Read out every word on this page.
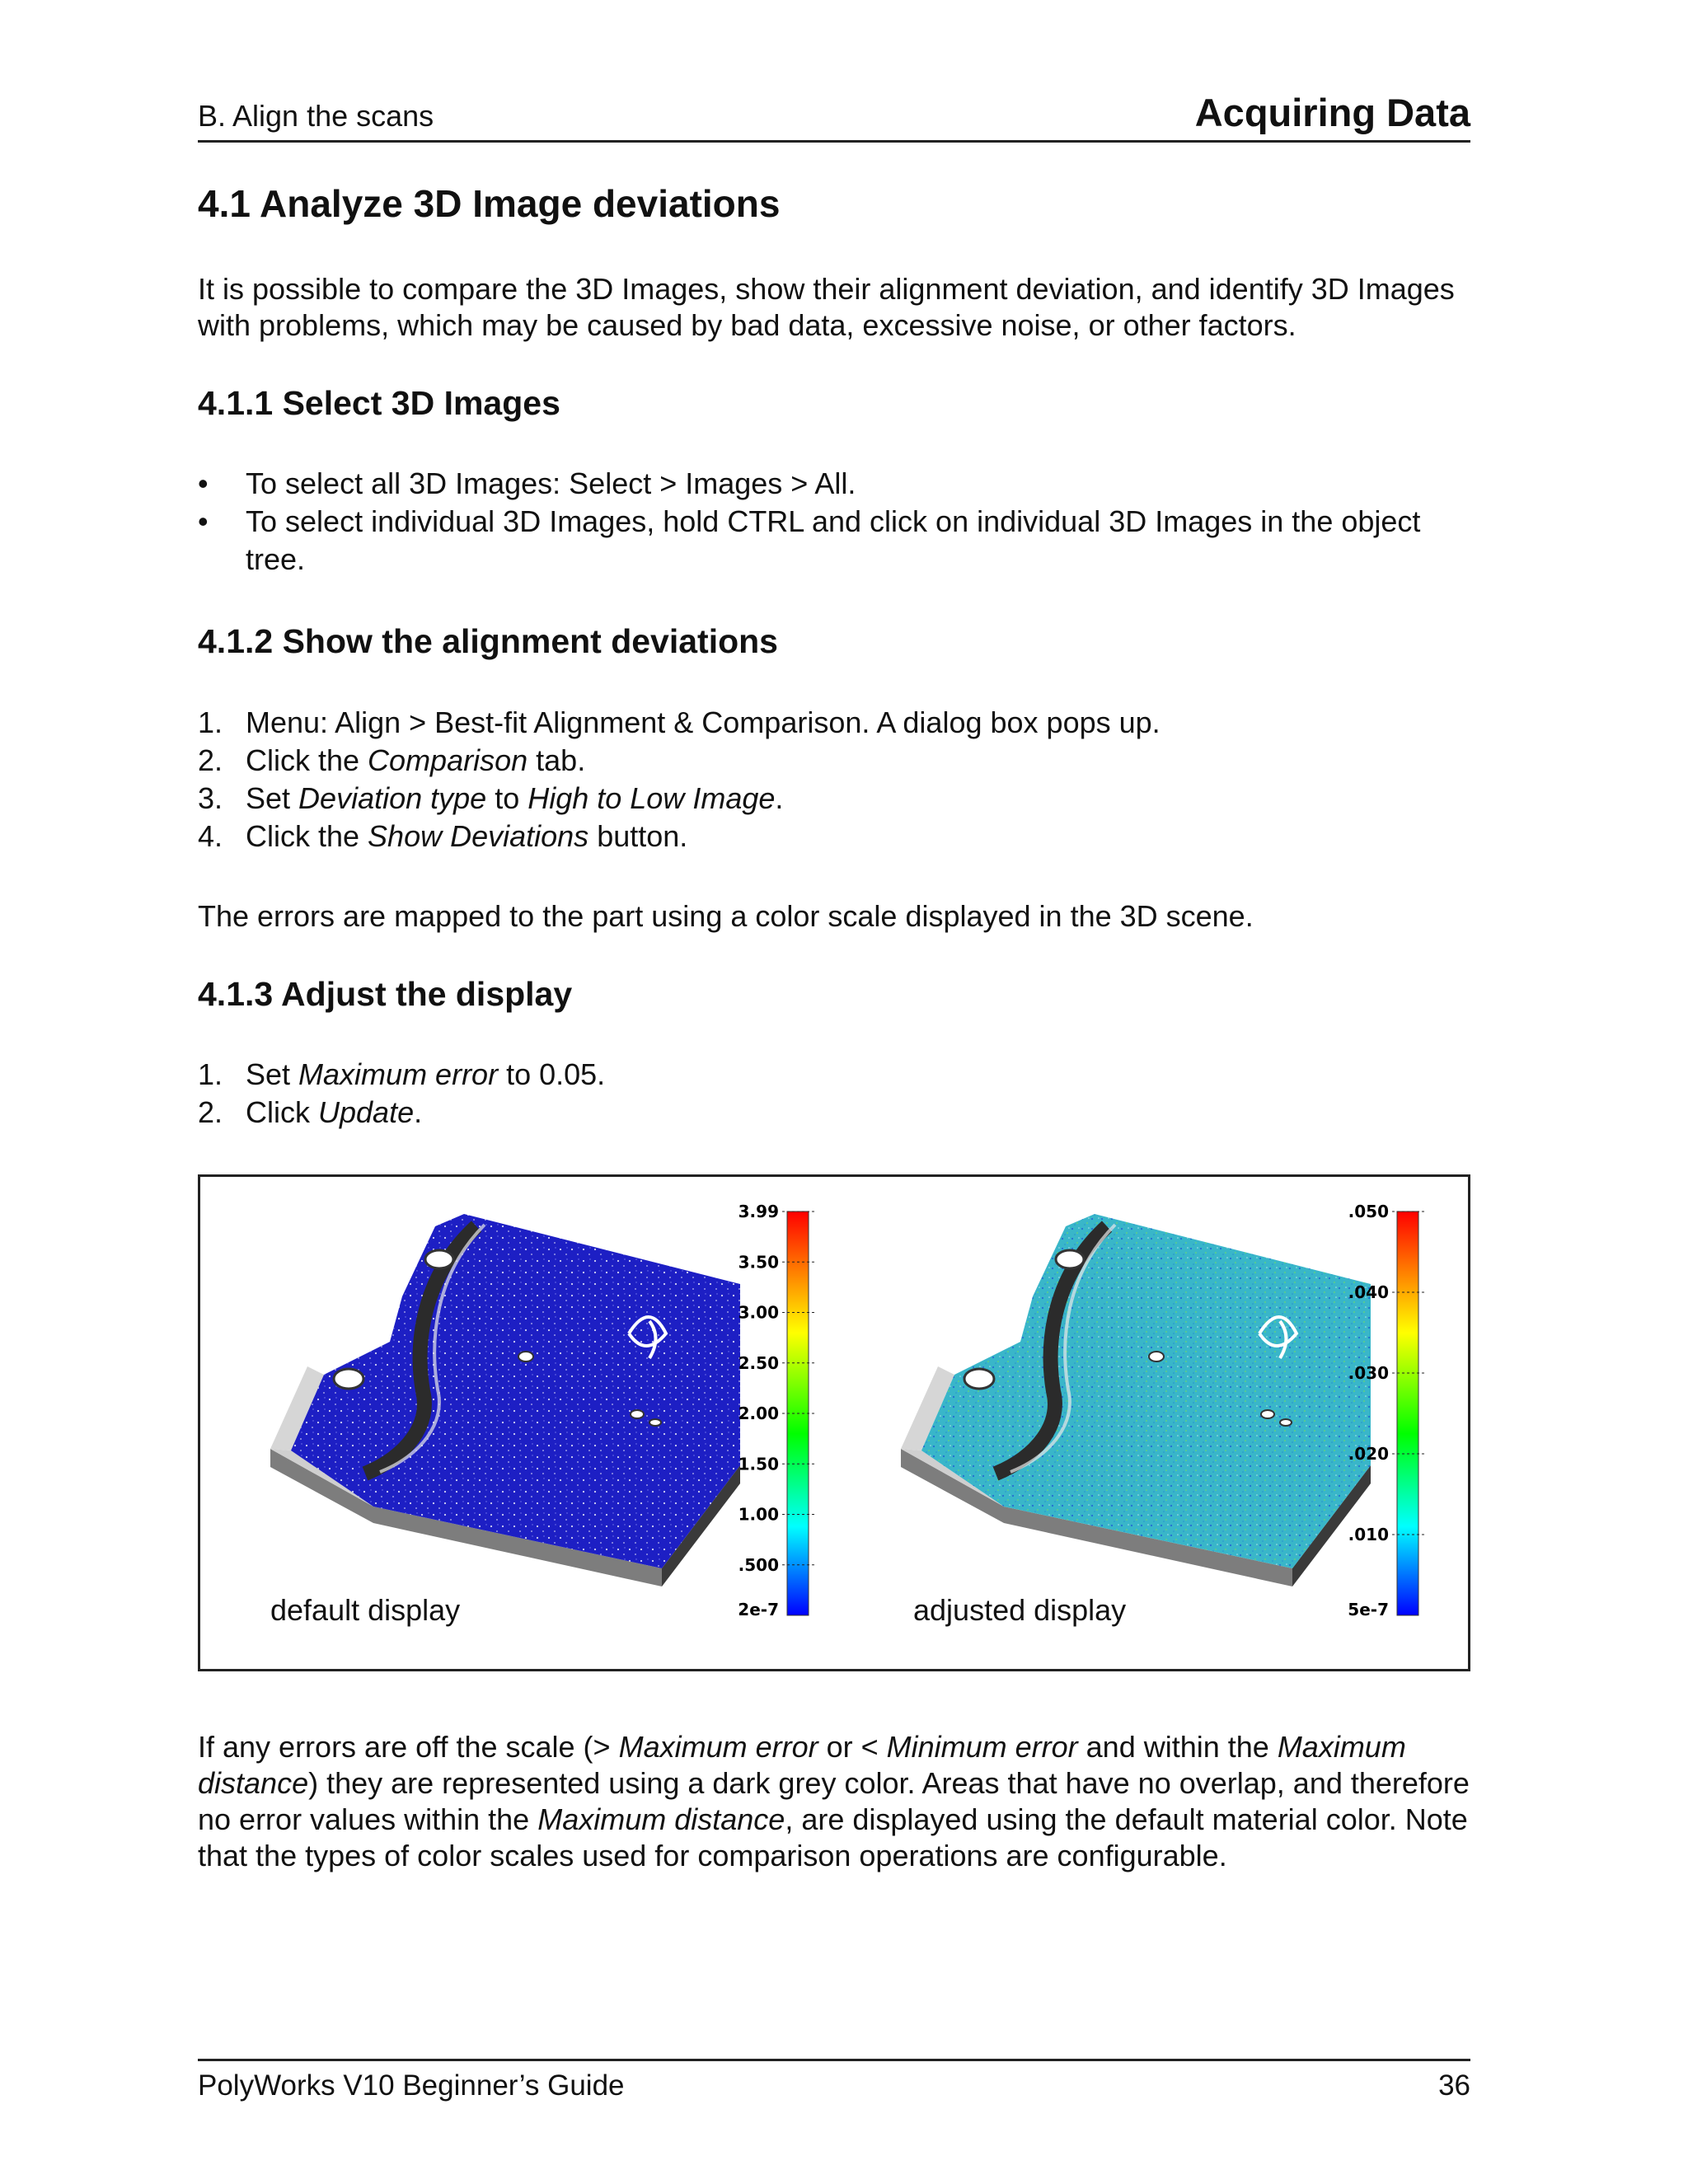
B. Align the scans	Acquiring Data
4.1 Analyze 3D Image deviations

It is possible to compare the 3D Images, show their alignment deviation, and identify 3D Images with problems, which may be caused by bad data, excessive noise, or other factors.

4.1.1 Select 3D Images
•	To select all 3D Images: Select > Images > All.
•	To select individual 3D Images, hold CTRL and click on individual 3D Images in the object tree.
4.1.2 Show the alignment deviations
1. Menu: Align > Best-fit Alignment & Comparison. A dialog box pops up.
2. Click the Comparison tab.
3. Set Deviation type to High to Low Image.
4. Click the Show Deviations button.

The errors are mapped to the part using a color scale displayed in the 3D scene.

4.1.3 Adjust the display
1. Set Maximum error to 0.05.
2. Click Update.
2e-7
.500
1.00
1.50
2.00
2.50
3.00
3.50
3.99
5e-7
.010
.020
.030
.040
.050
default display	adjusted display

If any errors are off the scale (> Maximum error or < Minimum error and within the Maximum distance) they are represented using a dark grey color. Areas that have no overlap, and therefore no error values within the Maximum distance, are displayed using the default material color. Note that the types of color scales used for comparison operations are configurable.

PolyWorks V10 Beginner’s Guide	36
